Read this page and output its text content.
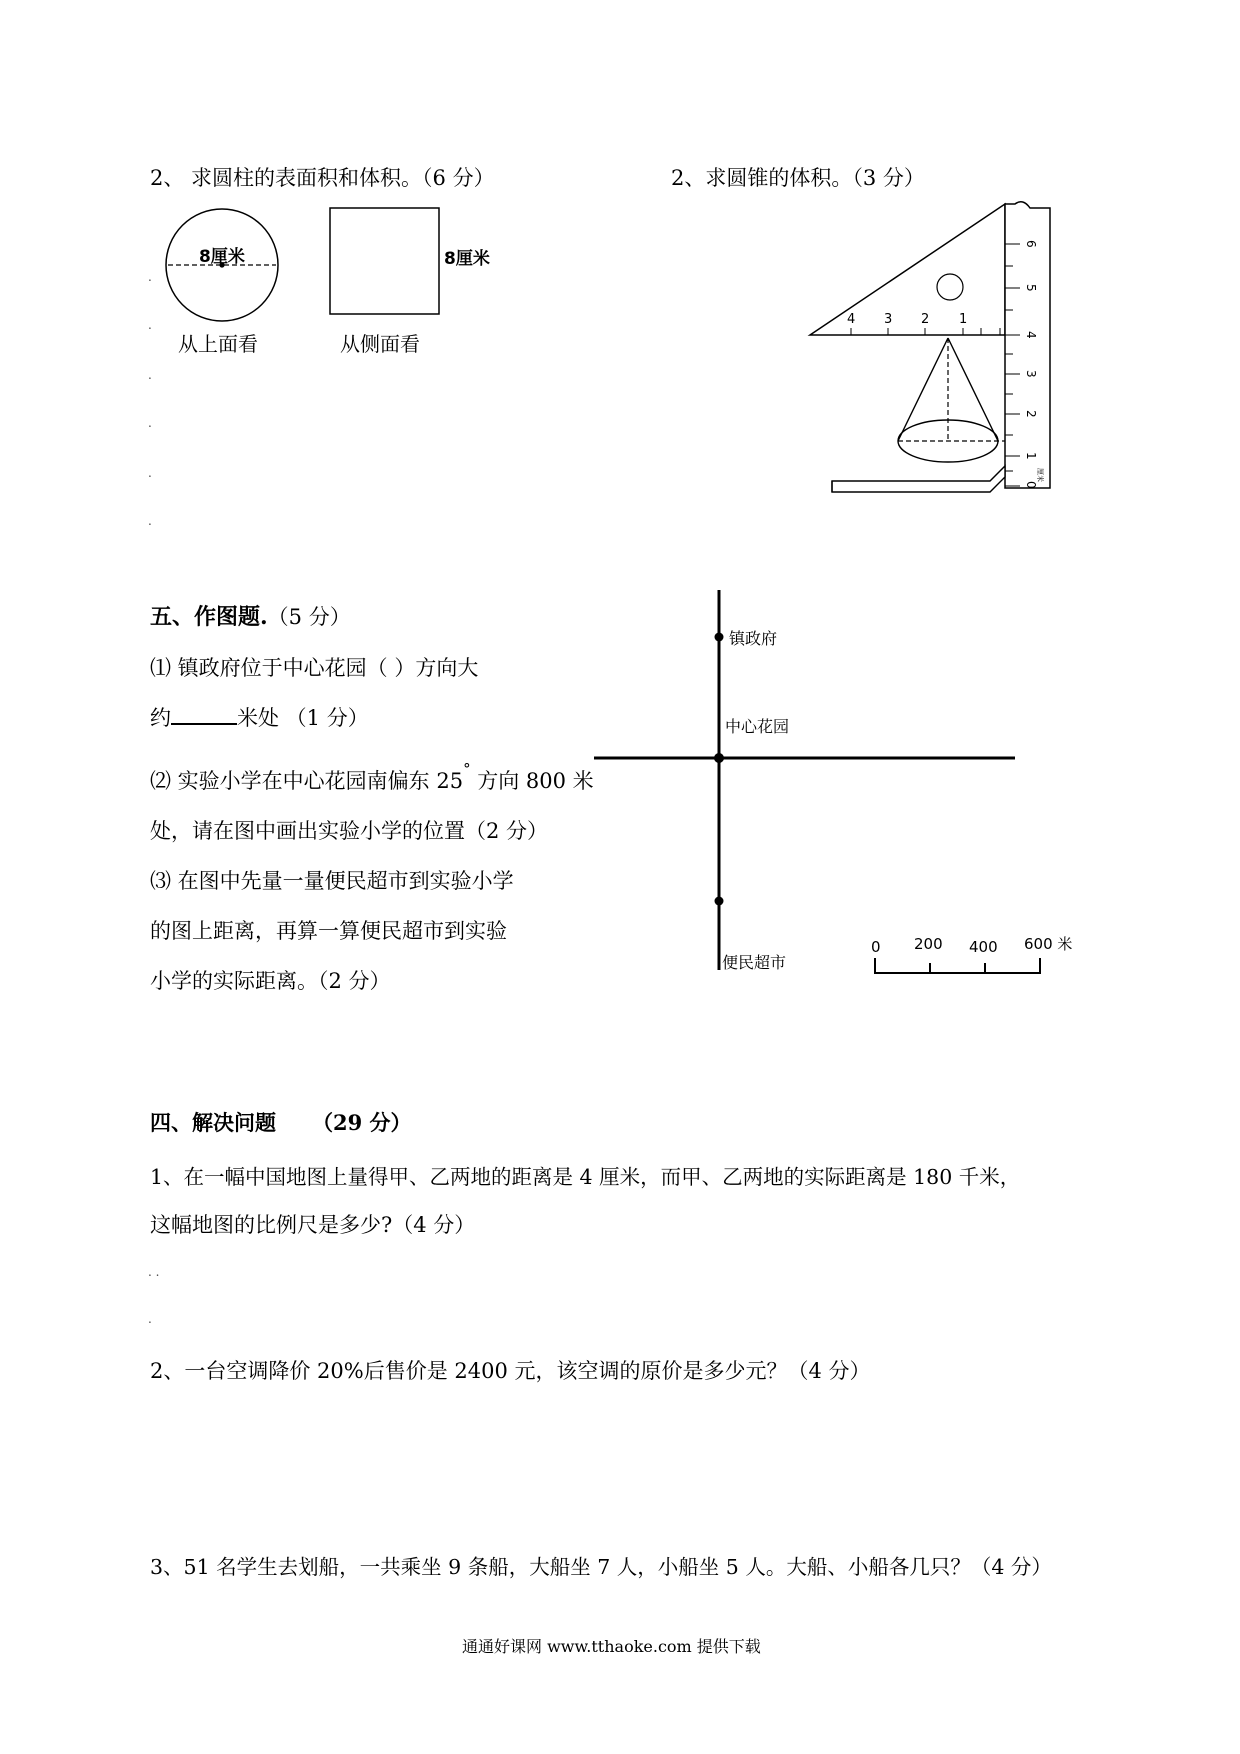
2、 求圆柱的表面积和体积。（6 分）	2、求圆锥的体积。（3 分）
8厘米
从上面看
8厘米
从侧面看
.
.
.
.
.
.
4 3 2 1
6
5
4
3
2
1
0
厘米
五、作图题.（5 分）
⑴ 镇政府位于中心花园（ ）方向大
约	米处 （1 分）
⑵ 实验小学在中心花园南偏东 25° 方向 800 米
处，请在图中画出实验小学的位置（2 分）
⑶ 在图中先量一量便民超市到实验小学
的图上距离，再算一算便民超市到实验
小学的实际距离。（2 分）
镇政府
中心花园
便民超市
0 200 400 600 米
四、解决问题 （29 分）
1、在一幅中国地图上量得甲、乙两地的距离是 4 厘米，而甲、乙两地的实际距离是 180 千米，
这幅地图的比例尺是多少?（4 分）
. .
.
2、一台空调降价 20%后售价是 2400 元，该空调的原价是多少元？（4 分）
3、51 名学生去划船，一共乘坐 9 条船，大船坐 7 人，小船坐 5 人。大船、小船各几只？（4 分）
通通好课网 www.tthaoke.com 提供下载
